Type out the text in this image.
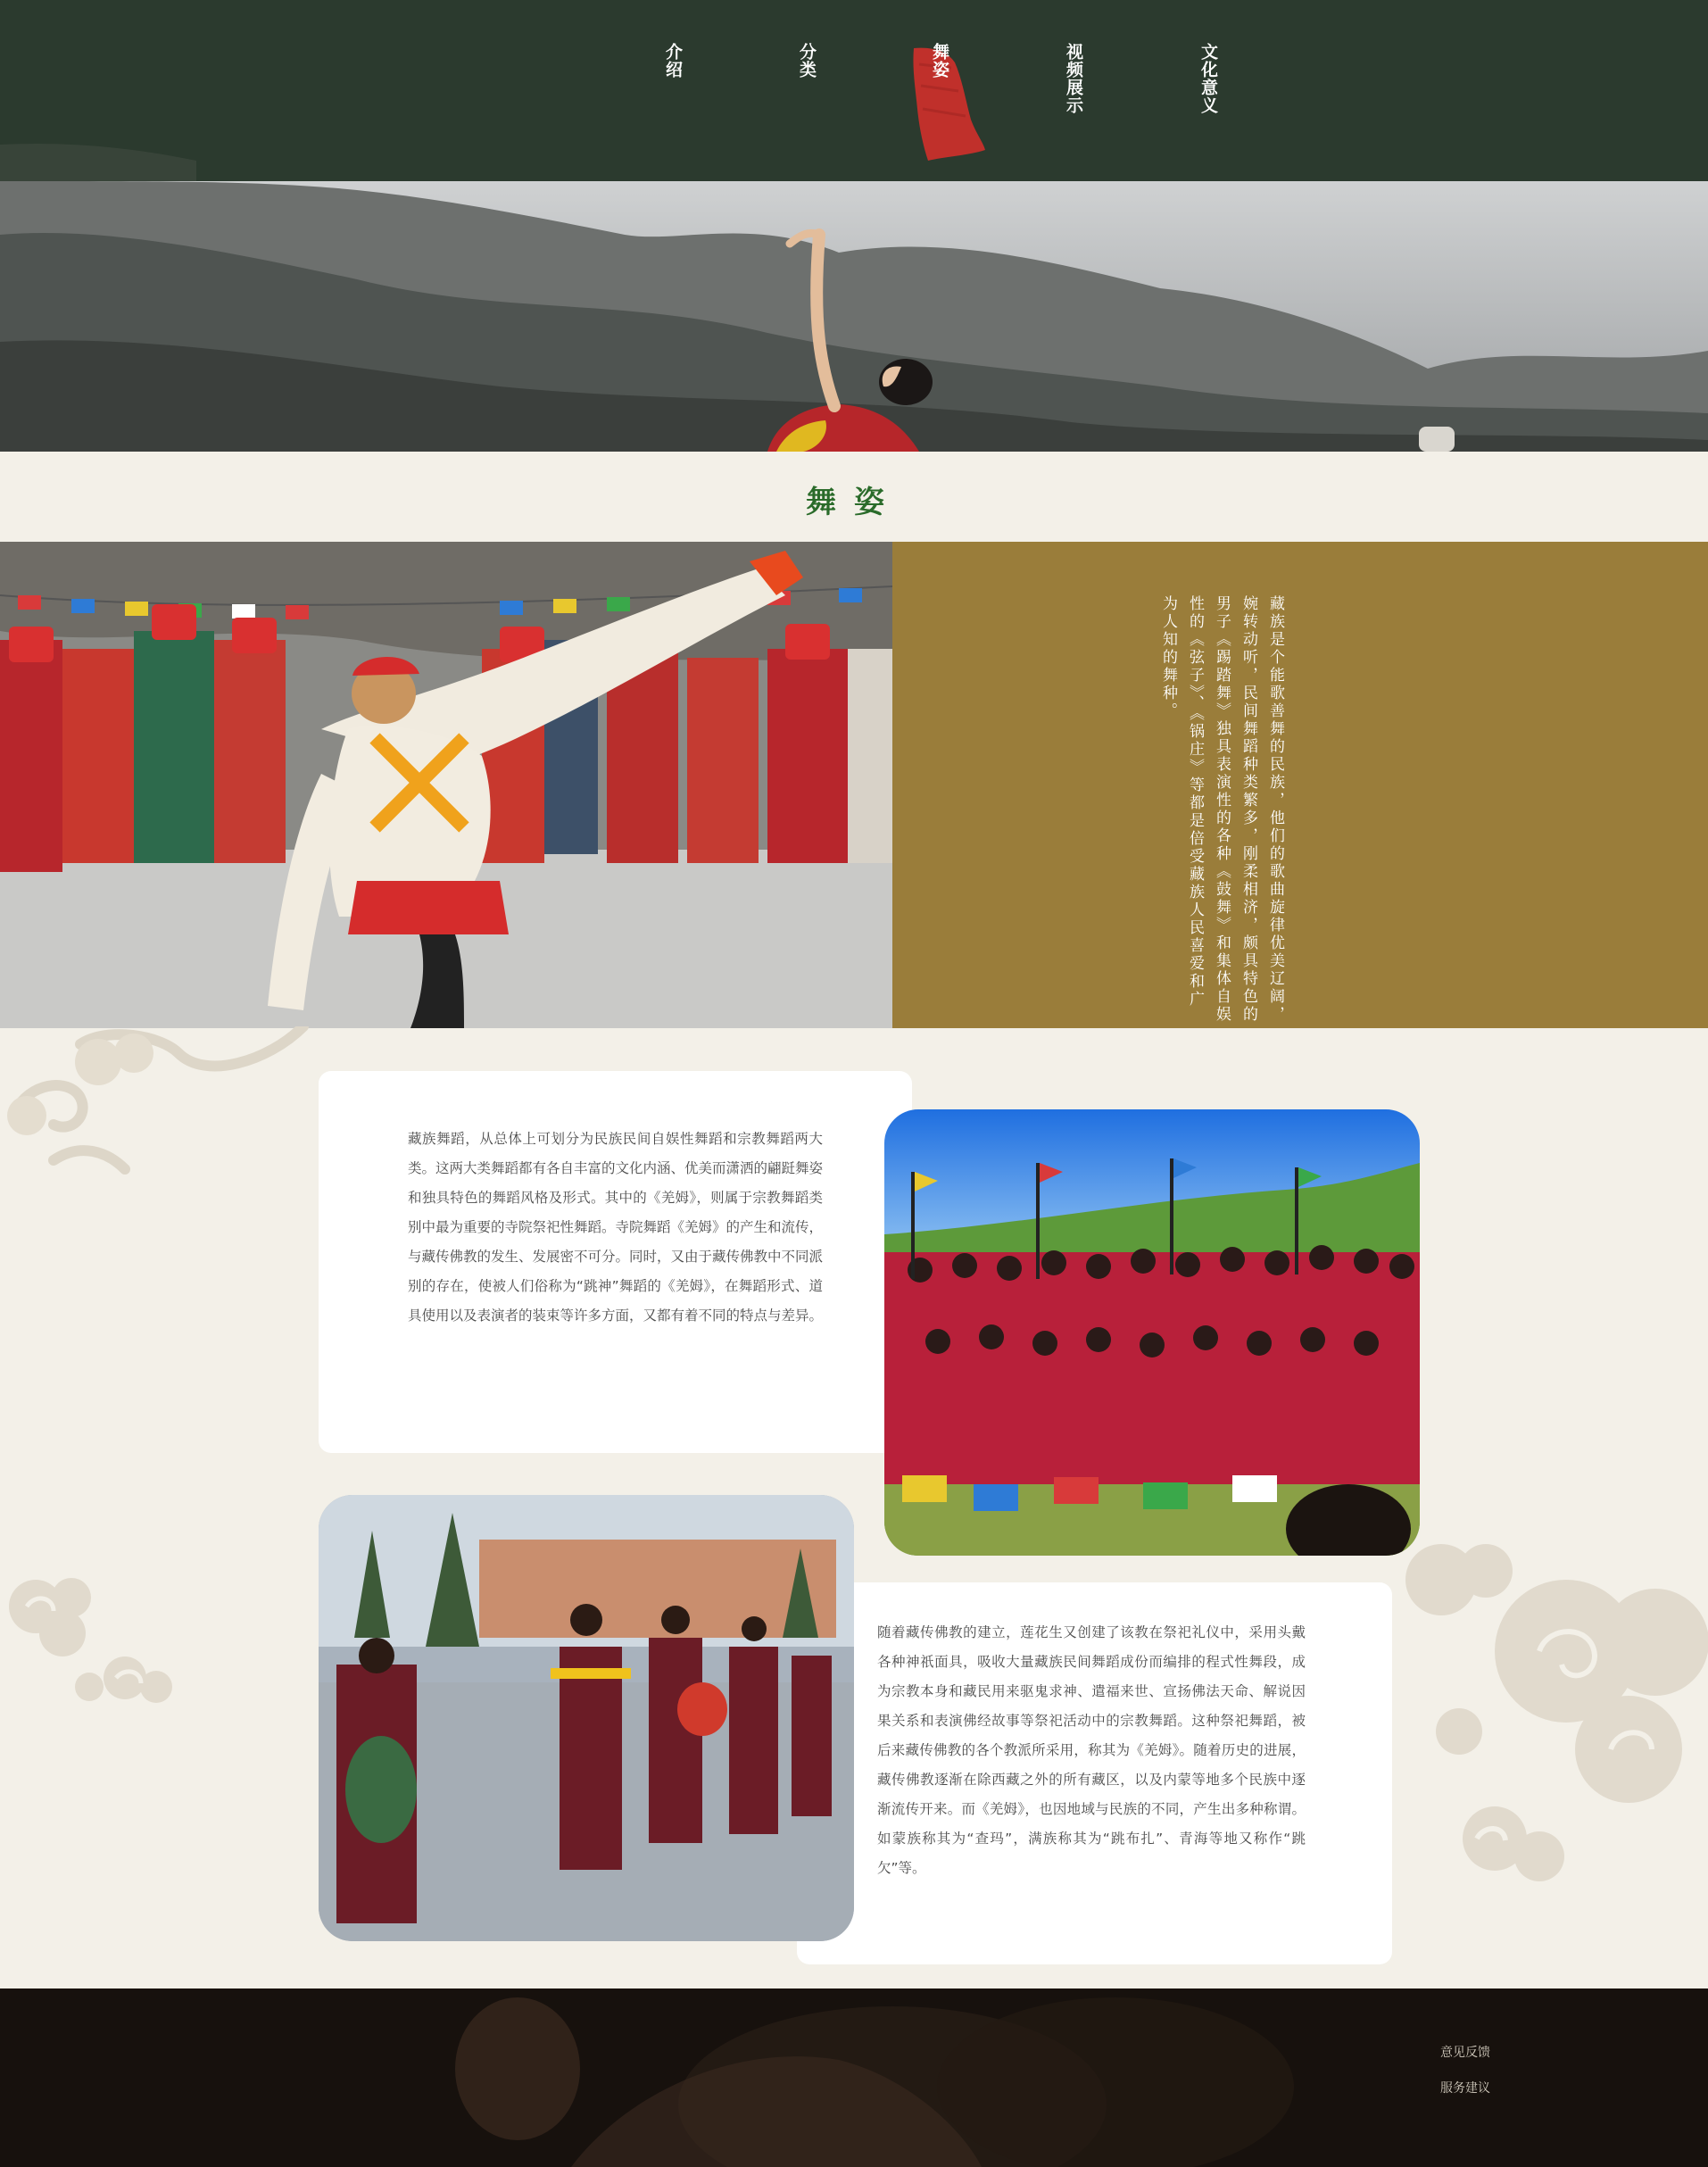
介绍	分类	舞姿	视频展示	文化意义
舞姿
藏族是个能歌善舞的民族，他们的歌曲旋律优美辽阔，婉转动听，民间舞蹈种类繁多，刚柔相济，颇具特色的男子《踢踏舞》独具表演性的各种《鼓舞》和集体自娱性的《弦子》、《锅庄》等都是倍受藏族人民喜爱和广为人知的舞种。
藏族舞蹈，从总体上可划分为民族民间自娱性舞蹈和宗教舞蹈两大类。这两大类舞蹈都有各自丰富的文化内涵、优美而潇洒的翩跹舞姿和独具特色的舞蹈风格及形式。其中的《羌姆》，则属于宗教舞蹈类别中最为重要的寺院祭祀性舞蹈。寺院舞蹈《羌姆》的产生和流传，与藏传佛教的发生、发展密不可分。同时，又由于藏传佛教中不同派别的存在，使被人们俗称为“跳神”舞蹈的《羌姆》，在舞蹈形式、道具使用以及表演者的装束等许多方面，又都有着不同的特点与差异。
随着藏传佛教的建立，莲花生又创建了该教在祭祀礼仪中，采用头戴各种神祇面具，吸收大量藏族民间舞蹈成份而编排的程式性舞段，成为宗教本身和藏民用来驱鬼求神、遣福来世、宣扬佛法天命、解说因果关系和表演佛经故事等祭祀活动中的宗教舞蹈。这种祭祀舞蹈，被后来藏传佛教的各个教派所采用，称其为《羌姆》。随着历史的进展，藏传佛教逐渐在除西藏之外的所有藏区，以及内蒙等地多个民族中逐渐流传开来。而《羌姆》，也因地域与民族的不同，产生出多种称谓。如蒙族称其为“查玛”，满族称其为“跳布扎”、青海等地又称作“跳欠”等。
意见反馈
服务建议
